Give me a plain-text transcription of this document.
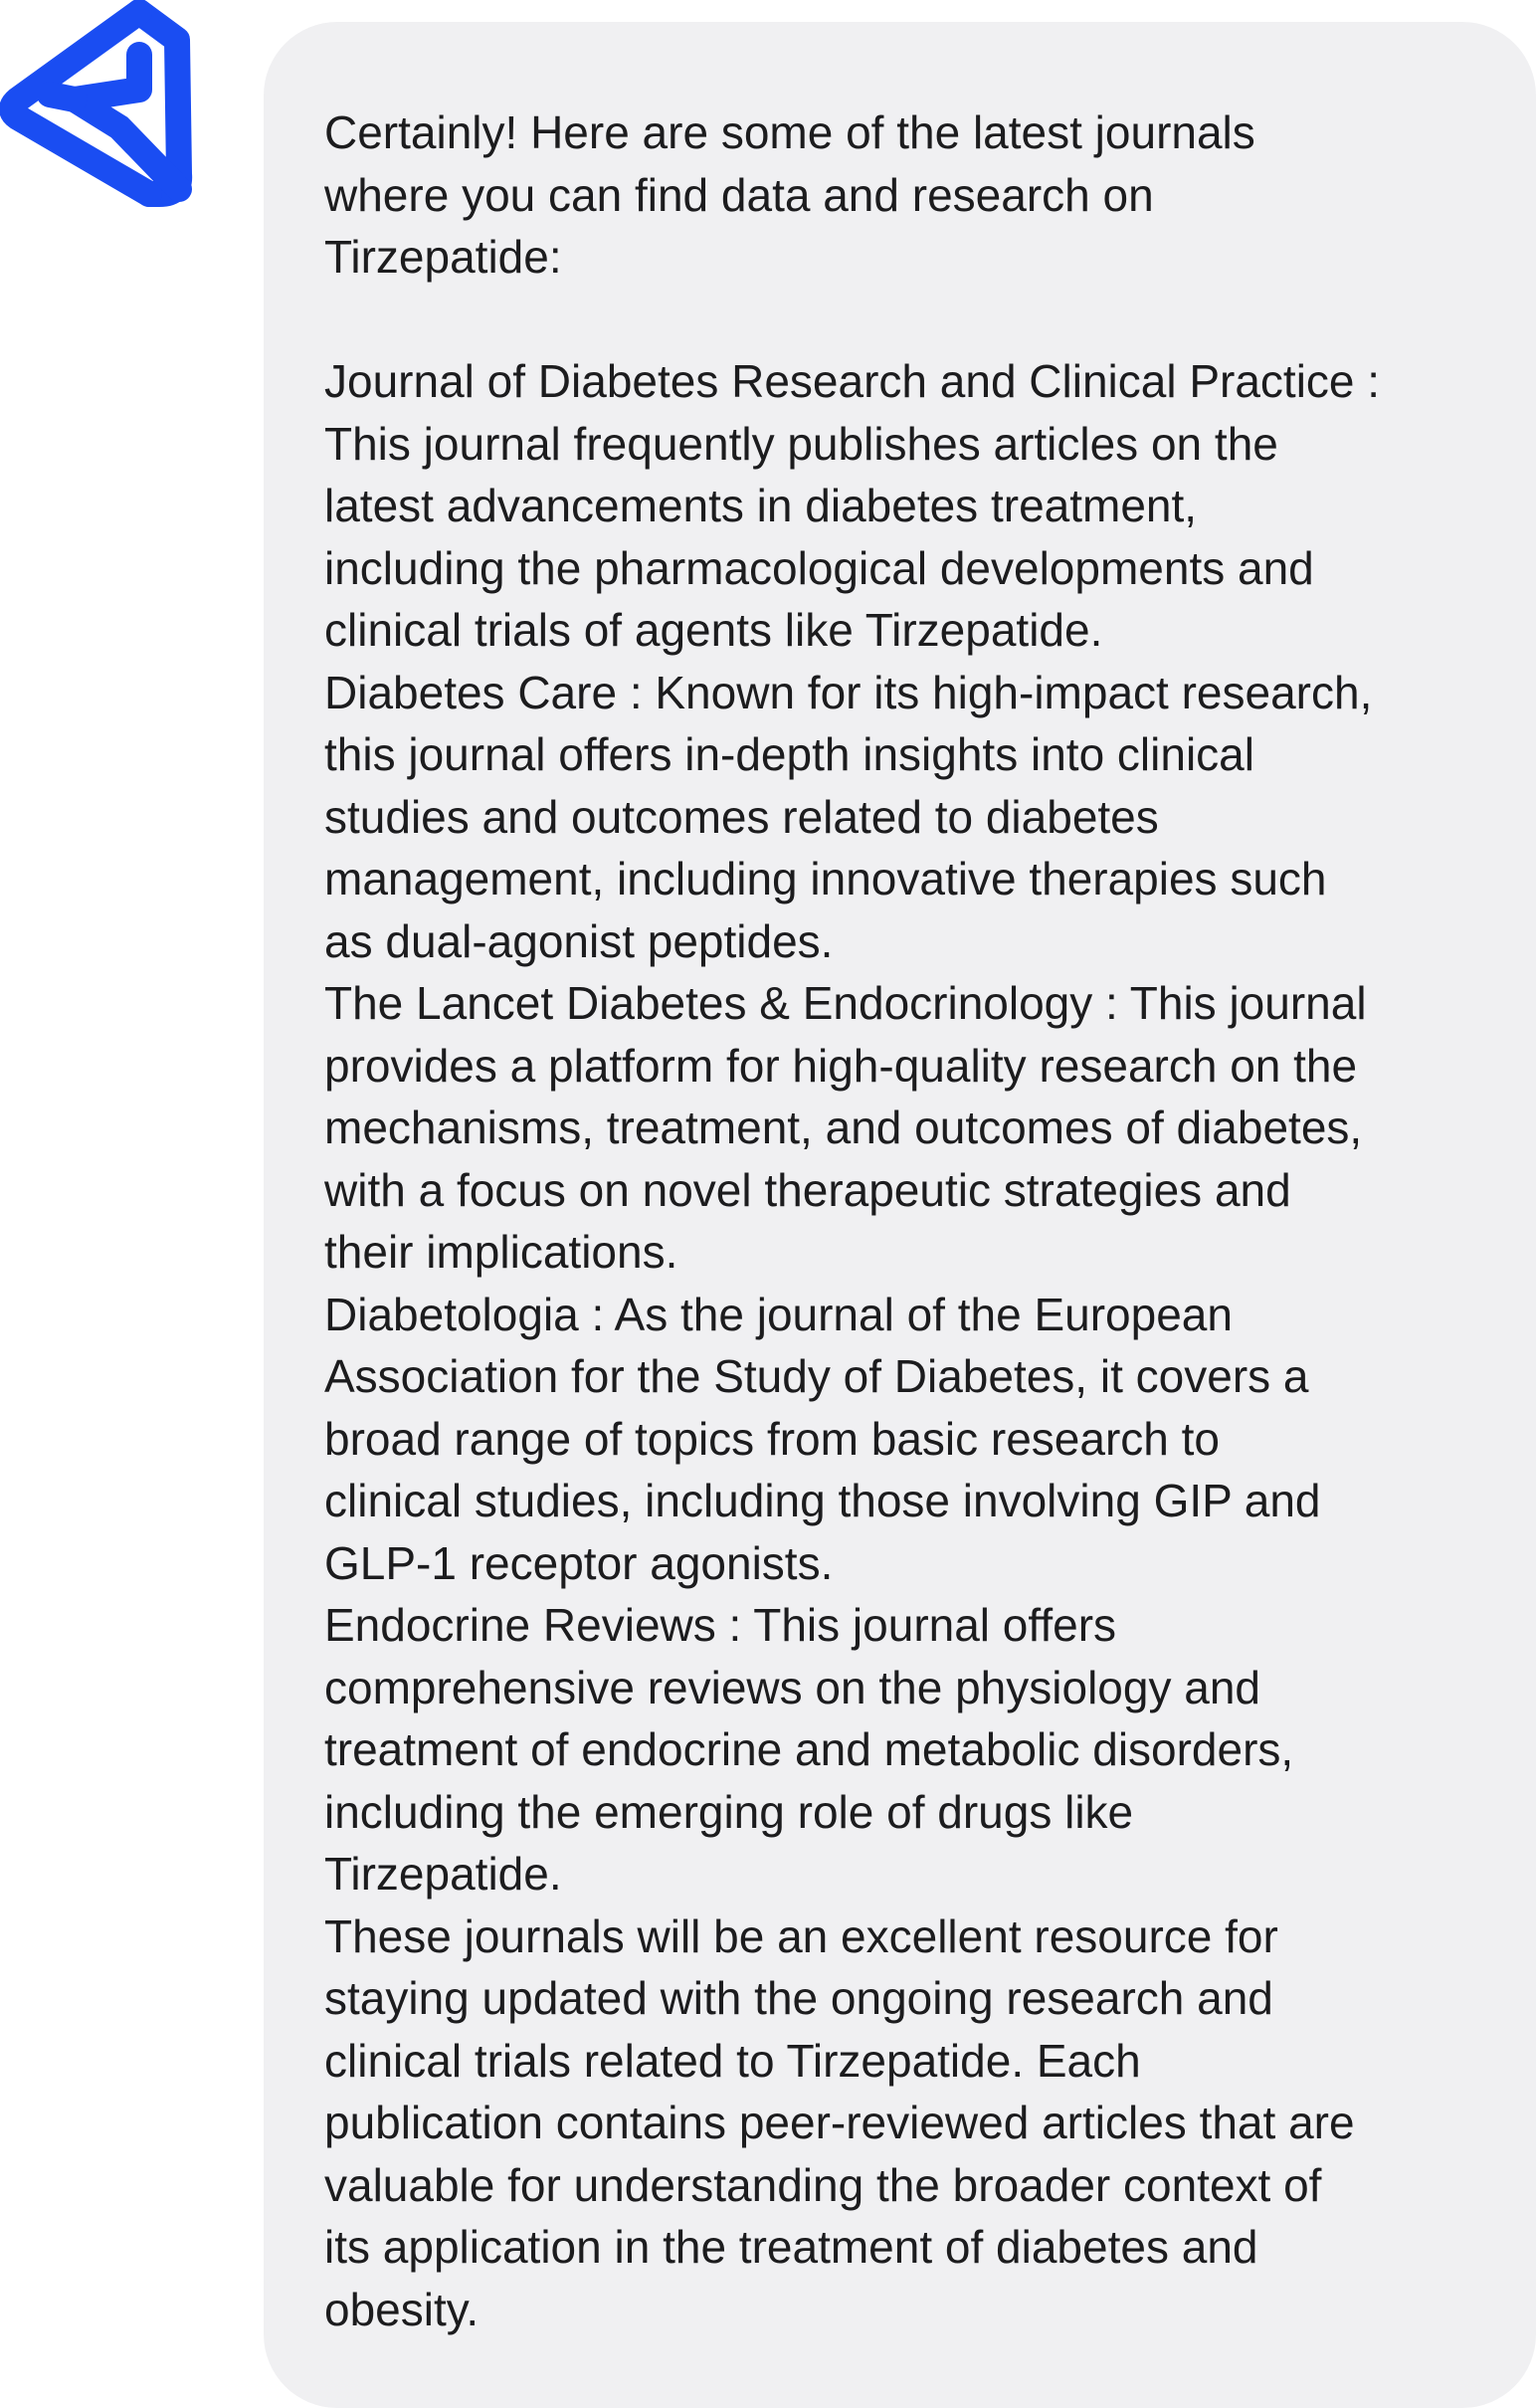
Certainly! Here are some of the latest journals
where you can find data and research on
Tirzepatide:
Journal of Diabetes Research and Clinical Practice :
This journal frequently publishes articles on the
latest advancements in diabetes treatment,
including the pharmacological developments and
clinical trials of agents like Tirzepatide.
Diabetes Care : Known for its high-impact research,
this journal offers in-depth insights into clinical
studies and outcomes related to diabetes
management, including innovative therapies such
as dual-agonist peptides.
The Lancet Diabetes & Endocrinology : This journal
provides a platform for high-quality research on the
mechanisms, treatment, and outcomes of diabetes,
with a focus on novel therapeutic strategies and
their implications.
Diabetologia : As the journal of the European
Association for the Study of Diabetes, it covers a
broad range of topics from basic research to
clinical studies, including those involving GIP and
GLP-1 receptor agonists.
Endocrine Reviews : This journal offers
comprehensive reviews on the physiology and
treatment of endocrine and metabolic disorders,
including the emerging role of drugs like
Tirzepatide.
These journals will be an excellent resource for
staying updated with the ongoing research and
clinical trials related to Tirzepatide. Each
publication contains peer-reviewed articles that are
valuable for understanding the broader context of
its application in the treatment of diabetes and
obesity.
